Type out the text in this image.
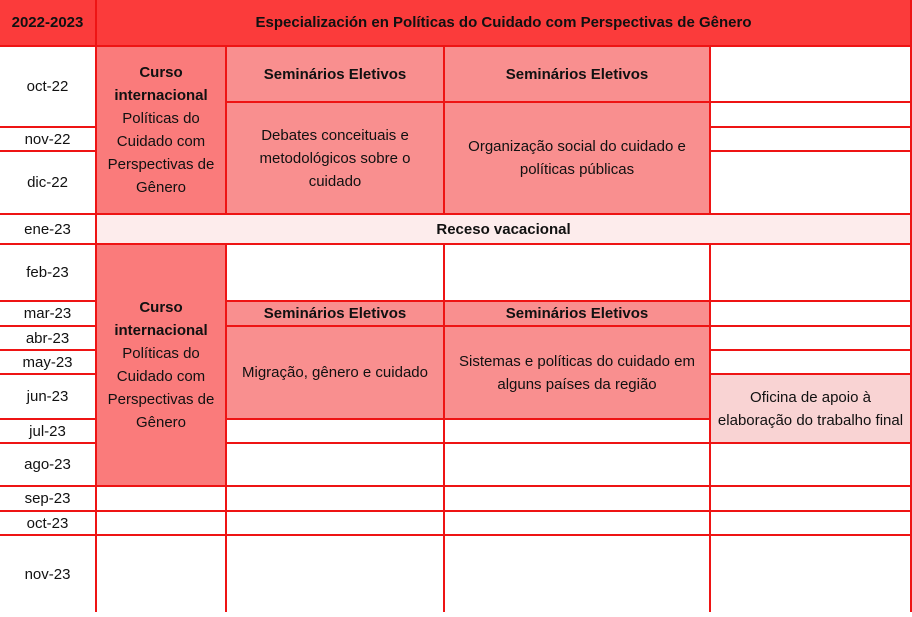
2022-2023	Especialización en Políticas do Cuidado com Perspectivas de Gênero
oct-22
nov-22
dic-22
ene-23
feb-23
mar-23
abr-23
may-23
jun-23
jul-23
ago-23
sep-23
oct-23
nov-23
Curso internacional
Políticas do Cuidado com Perspectivas de Gênero
Seminários Eletivos
Debates conceituais e metodológicos sobre o cuidado
Seminários Eletivos
Organização social do cuidado e políticas públicas
Receso vacacional
Curso internacional
Políticas do Cuidado com Perspectivas de Gênero
Seminários Eletivos
Migração, gênero e cuidado
Seminários Eletivos
Sistemas e políticas do cuidado em alguns países da região
Oficina de apoio à elaboração do trabalho final
